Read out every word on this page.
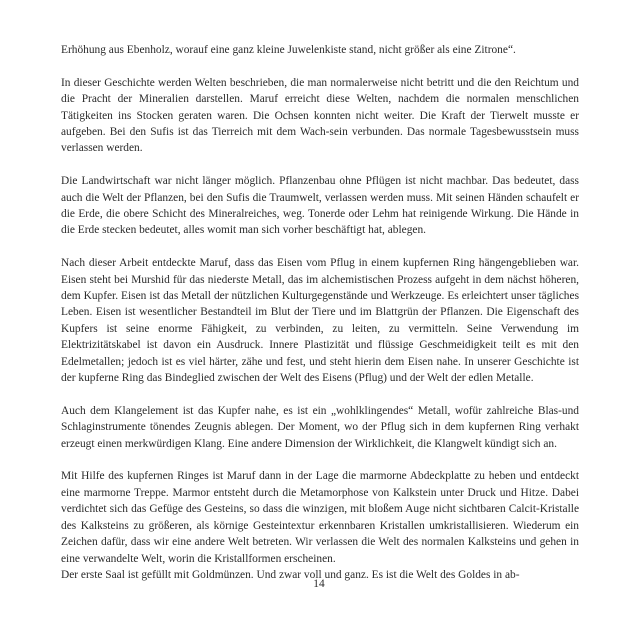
Erhöhung aus Ebenholz, worauf eine ganz kleine Juwelenkiste stand, nicht größer als eine Zitrone“.

In dieser Geschichte werden Welten beschrieben, die man normalerweise nicht betritt und die den Reichtum und die Pracht der Mineralien darstellen. Maruf erreicht diese Welten, nachdem die normalen menschlichen Tätigkeiten ins Stocken geraten waren. Die Ochsen konnten nicht weiter. Die Kraft der Tierwelt musste er aufgeben. Bei den Sufis ist das Tierreich mit dem Wach-sein verbunden. Das normale Tagesbewusstsein muss verlassen werden.

Die Landwirtschaft war nicht länger möglich. Pflanzenbau ohne Pflügen ist nicht machbar. Das bedeutet, dass auch die Welt der Pflanzen, bei den Sufis die Traumwelt, verlassen werden muss. Mit seinen Händen schaufelt er die Erde, die obere Schicht des Mineralreiches, weg. Tonerde oder Lehm hat reinigende Wirkung. Die Hände in die Erde stecken bedeutet, alles womit man sich vorher beschäftigt hat, ablegen.

Nach dieser Arbeit entdeckte Maruf, dass das Eisen vom Pflug in einem kupfernen Ring hängengeblieben war. Eisen steht bei Murshid für das niederste Metall, das im alchemistischen Prozess aufgeht in dem nächst höheren, dem Kupfer. Eisen ist das Metall der nützlichen Kulturgegenstände und Werkzeuge. Es erleichtert unser tägliches Leben. Eisen ist wesentlicher Bestandteil im Blut der Tiere und im Blattgrün der Pflanzen. Die Eigenschaft des Kupfers ist seine enorme Fähigkeit, zu verbinden, zu leiten, zu vermitteln. Seine Verwendung im Elektrizitätskabel ist davon ein Ausdruck. Innere Plastizität und flüssige Geschmeidigkeit teilt es mit den Edelmetallen; jedoch ist es viel härter, zähe und fest, und steht hierin dem Eisen nahe. In unserer Geschichte ist der kupferne Ring das Bindeglied zwischen der Welt des Eisens (Pflug) und der Welt der edlen Metalle.

Auch dem Klangelement ist das Kupfer nahe, es ist ein „wohlklingendes“ Metall, wofür zahlreiche Blas-und Schlaginstrumente tönendes Zeugnis ablegen. Der Moment, wo der Pflug sich in dem kupfernen Ring verhakt erzeugt einen merkwürdigen Klang. Eine andere Dimension der Wirklichkeit, die Klangwelt kündigt sich an.

Mit Hilfe des kupfernen Ringes ist Maruf dann in der Lage die marmorne Abdeckplatte zu heben und entdeckt eine marmorne Treppe. Marmor entsteht durch die Metamorphose von Kalkstein unter Druck und Hitze. Dabei verdichtet sich das Gefüge des Gesteins, so dass die winzigen, mit bloßem Auge nicht sichtbaren Calcit-Kristalle des Kalksteins zu größeren, als körnige Gesteintextur erkennbaren Kristallen umkristallisieren. Wiederum ein Zeichen dafür, dass wir eine andere Welt betreten. Wir verlassen die Welt des normalen Kalksteins und gehen in eine verwandelte Welt, worin die Kristallformen erscheinen.

Der erste Saal ist gefüllt mit Goldmünzen. Und zwar voll und ganz. Es ist die Welt des Goldes in ab-

14
